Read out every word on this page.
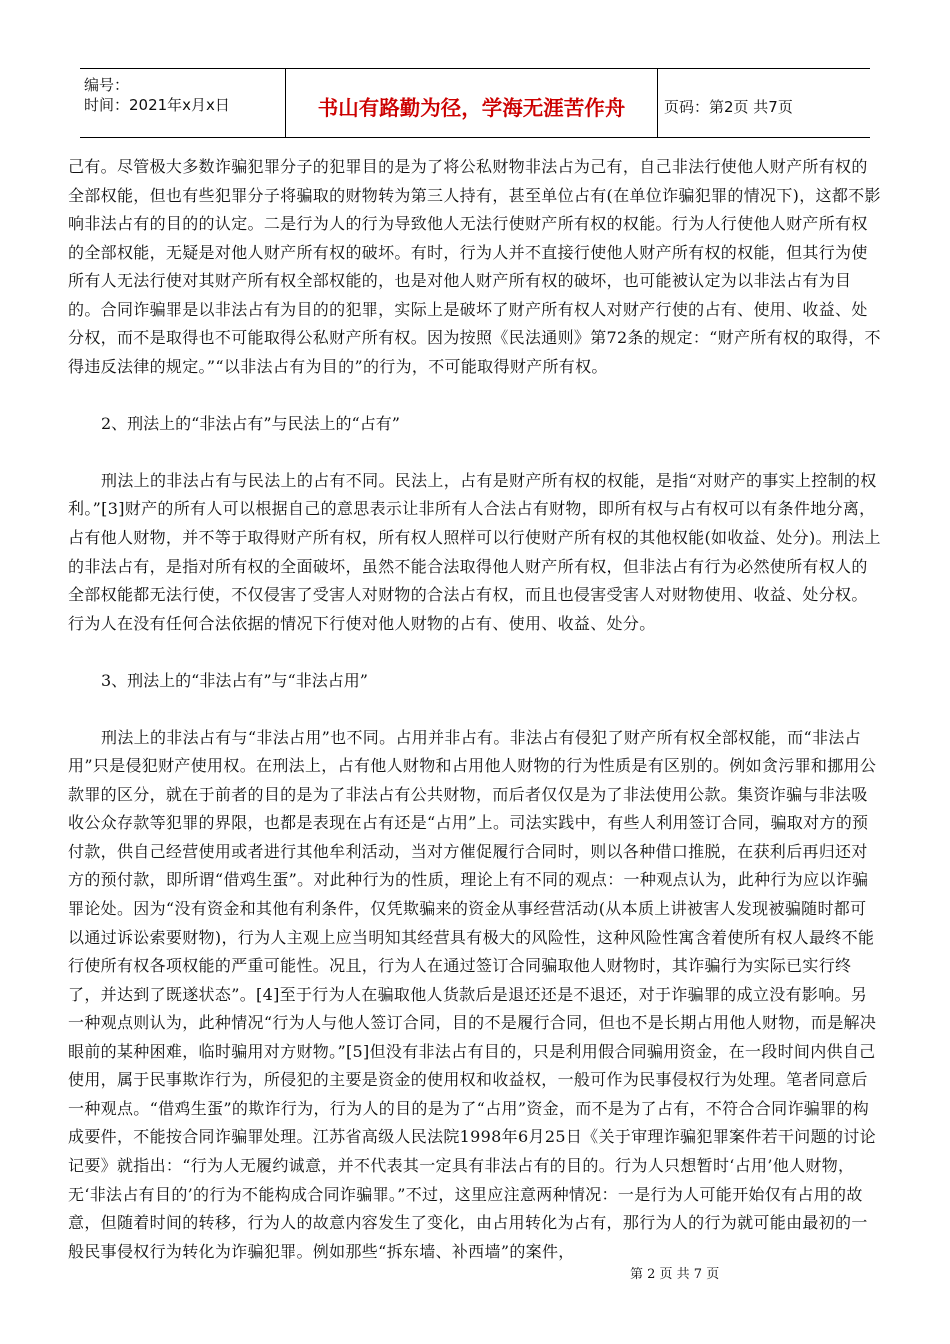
编号：
时间：2021年x月x日	书山有路勤为径，学海无涯苦作舟	页码：第2页 共7页

己有。尽管极大多数诈骗犯罪分子的犯罪目的是为了将公私财物非法占为己有，自己非法行使他人财产所有权的全部权能，但也有些犯罪分子将骗取的财物转为第三人持有，甚至单位占有(在单位诈骗犯罪的情况下)，这都不影响非法占有的目的的认定。二是行为人的行为导致他人无法行使财产所有权的权能。行为人行使他人财产所有权的全部权能，无疑是对他人财产所有权的破坏。有时，行为人并不直接行使他人财产所有权的权能，但其行为使所有人无法行使对其财产所有权全部权能的，也是对他人财产所有权的破坏，也可能被认定为以非法占有为目的。合同诈骗罪是以非法占有为目的的犯罪，实际上是破坏了财产所有权人对财产行使的占有、使用、收益、处分权，而不是取得也不可能取得公私财产所有权。因为按照《民法通则》第72条的规定：“财产所有权的取得，不得违反法律的规定。”“以非法占有为目的”的行为，不可能取得财产所有权。

2、刑法上的“非法占有”与民法上的“占有”

刑法上的非法占有与民法上的占有不同。民法上，占有是财产所有权的权能，是指“对财产的事实上控制的权利。”[3]财产的所有人可以根据自己的意思表示让非所有人合法占有财物，即所有权与占有权可以有条件地分离，占有他人财物，并不等于取得财产所有权，所有权人照样可以行使财产所有权的其他权能(如收益、处分)。刑法上的非法占有，是指对所有权的全面破坏，虽然不能合法取得他人财产所有权，但非法占有行为必然使所有权人的全部权能都无法行使，不仅侵害了受害人对财物的合法占有权，而且也侵害受害人对财物使用、收益、处分权。行为人在没有任何合法依据的情况下行使对他人财物的占有、使用、收益、处分。

3、刑法上的“非法占有”与“非法占用”

刑法上的非法占有与“非法占用”也不同。占用并非占有。非法占有侵犯了财产所有权全部权能，而“非法占用”只是侵犯财产使用权。在刑法上，占有他人财物和占用他人财物的行为性质是有区别的。例如贪污罪和挪用公款罪的区分，就在于前者的目的是为了非法占有公共财物，而后者仅仅是为了非法使用公款。集资诈骗与非法吸收公众存款等犯罪的界限，也都是表现在占有还是“占用”上。司法实践中，有些人利用签订合同，骗取对方的预付款，供自己经营使用或者进行其他牟利活动，当对方催促履行合同时，则以各种借口推脱，在获利后再归还对方的预付款，即所谓“借鸡生蛋”。对此种行为的性质，理论上有不同的观点：一种观点认为，此种行为应以诈骗罪论处。因为“没有资金和其他有利条件，仅凭欺骗来的资金从事经营活动(从本质上讲被害人发现被骗随时都可以通过诉讼索要财物)，行为人主观上应当明知其经营具有极大的风险性，这种风险性寓含着使所有权人最终不能行使所有权各项权能的严重可能性。况且，行为人在通过签订合同骗取他人财物时，其诈骗行为实际已实行终了，并达到了既遂状态”。[4]至于行为人在骗取他人货款后是退还还是不退还，对于诈骗罪的成立没有影响。另一种观点则认为，此种情况“行为人与他人签订合同，目的不是履行合同，但也不是长期占用他人财物，而是解决眼前的某种困难，临时骗用对方财物。”[5]但没有非法占有目的，只是利用假合同骗用资金，在一段时间内供自己使用，属于民事欺诈行为，所侵犯的主要是资金的使用权和收益权，一般可作为民事侵权行为处理。笔者同意后一种观点。“借鸡生蛋”的欺诈行为，行为人的目的是为了“占用”资金，而不是为了占有，不符合合同诈骗罪的构成要件，不能按合同诈骗罪处理。江苏省高级人民法院1998年6月25日《关于审理诈骗犯罪案件若干问题的讨论记要》就指出：“行为人无履约诚意，并不代表其一定具有非法占有的目的。行为人只想暂时‘占用’他人财物，无‘非法占有目的’的行为不能构成合同诈骗罪。”不过，这里应注意两种情况：一是行为人可能开始仅有占用的故意，但随着时间的转移，行为人的故意内容发生了变化，由占用转化为占有，那行为人的行为就可能由最初的一般民事侵权行为转化为诈骗犯罪。例如那些“拆东墙、补西墙”的案件，

第 2 页 共 7 页
